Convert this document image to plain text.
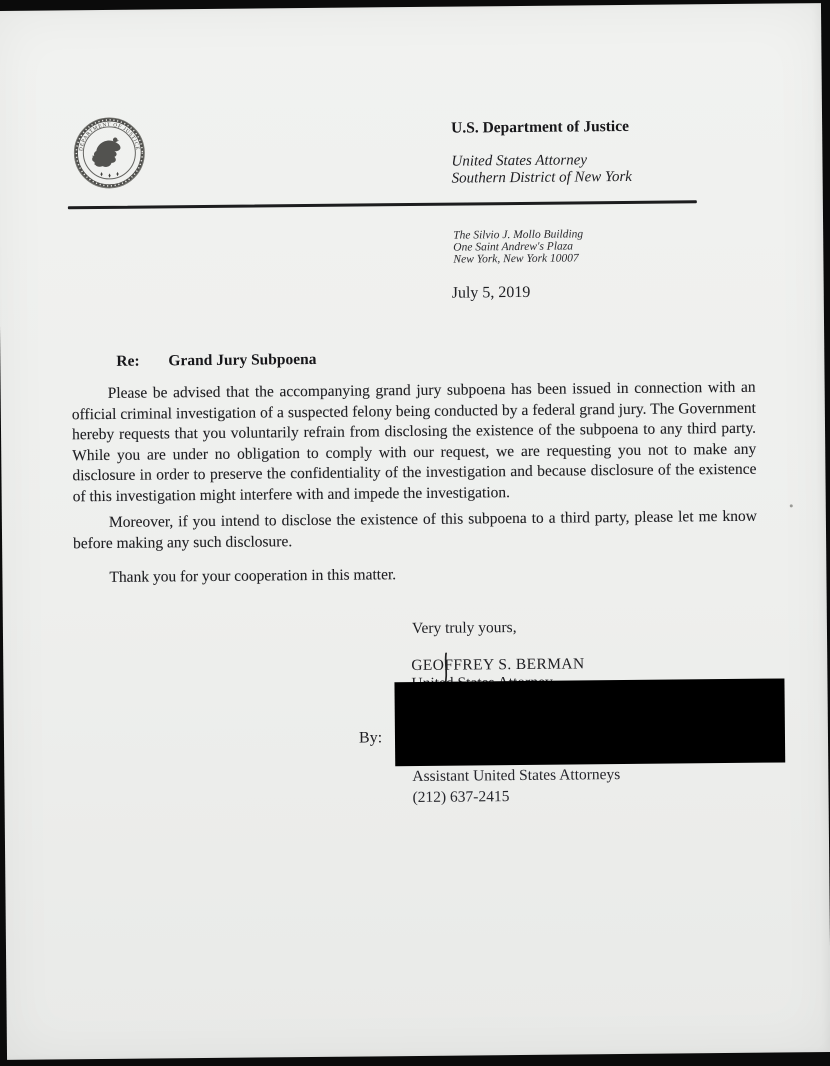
DEPARTMENT OF JUSTICE
U.S. Department of Justice
United States Attorney
Southern District of New York
The Silvio J. Mollo Building
One Saint Andrew's Plaza
New York, New York 10007
July 5, 2019
Re: Grand Jury Subpoena

Please be advised that the accompanying grand jury subpoena has been issued in connection with an official criminal investigation of a suspected felony being conducted by a federal grand jury. The Government hereby requests that you voluntarily refrain from disclosing the existence of the subpoena to any third party. While you are under no obligation to comply with our request, we are requesting you not to make any disclosure in order to preserve the confidentiality of the investigation and because disclosure of the existence of this investigation might interfere with and impede the investigation.

Moreover, if you intend to disclose the existence of this subpoena to a third party, please let me know before making any such disclosure.

Thank you for your cooperation in this matter.

Very truly yours,
GEOFFREY S. BERMAN
By:
Assistant United States Attorneys
(212) 637-2415
